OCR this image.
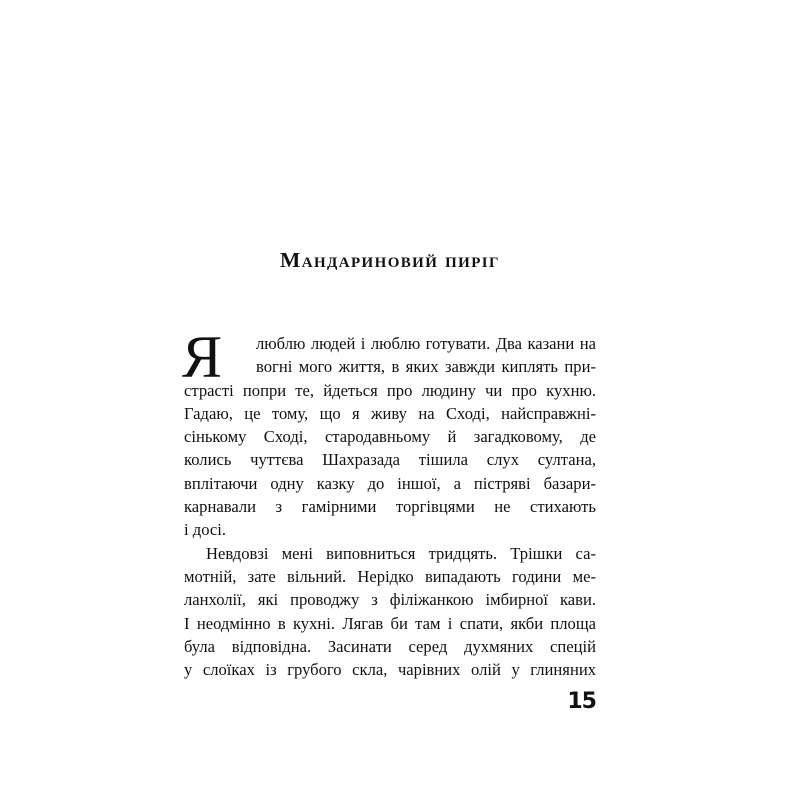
Мандариновий пиріг
Я	люблю людей і люблю готувати. Два казани на
вогні мого життя, в яких завжди киплять при-
страсті попри те, йдеться про людину чи про кухню.
Гадаю, це тому, що я живу на Сході, найсправжні-
сінькому Сході, стародавньому й загадковому, де
колись чуттєва Шахразада тішила слух султана,
вплітаючи одну казку до іншої, а пістряві базари-
карнавали з гамірними торгівцями не стихають
і досі.
Невдовзі мені виповниться тридцять. Трішки са-
мотній, зате вільний. Нерідко випадають години ме-
ланхолії, які проводжу з філіжанкою імбирної кави.
І неодмінно в кухні. Лягав би там і спати, якби площа
була відповідна. Засинати серед духмяних спецій
у слоїках із грубого скла, чарівних олій у глиняних
15
